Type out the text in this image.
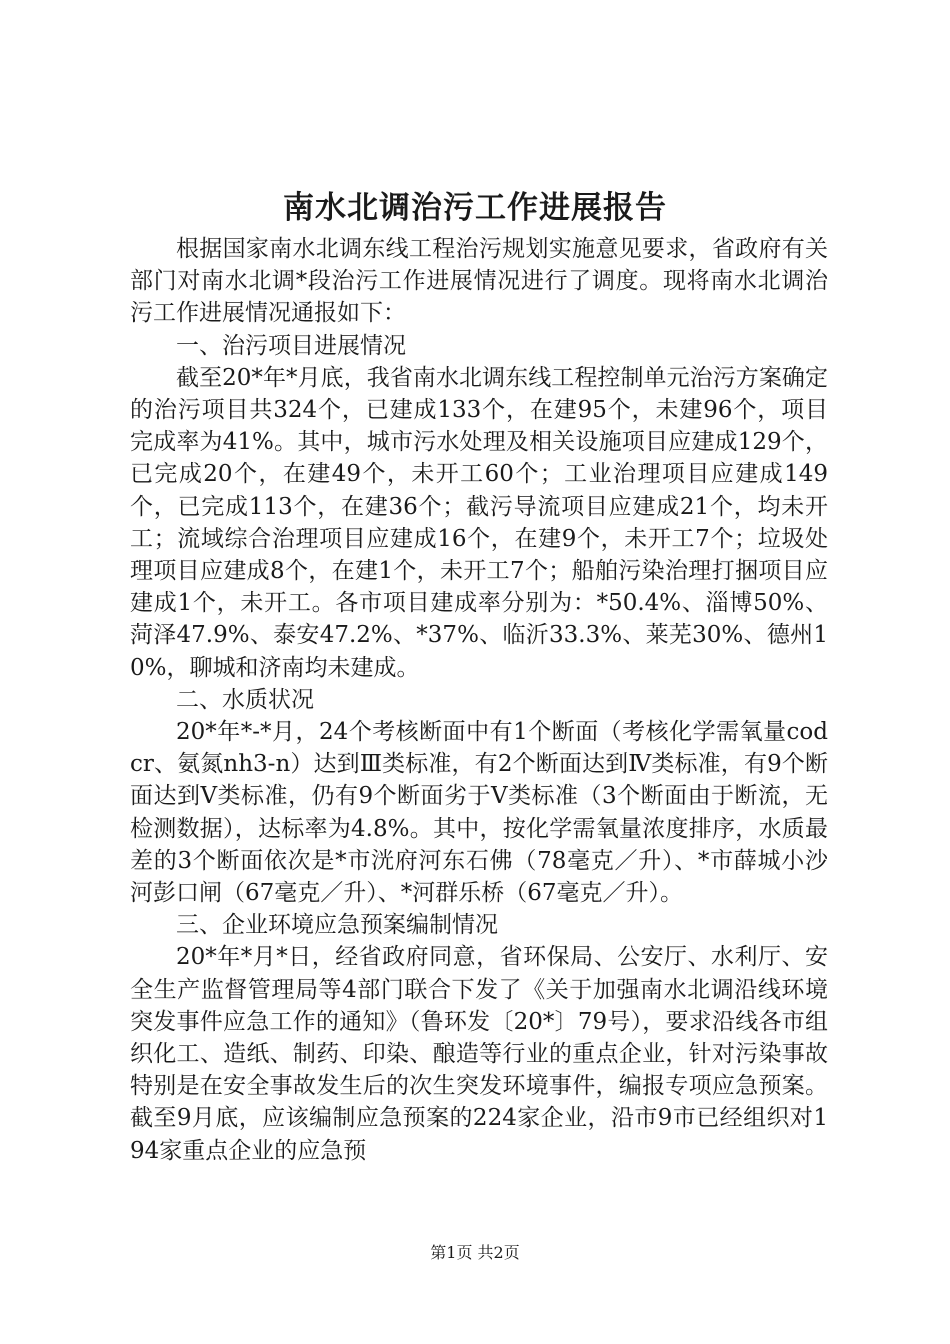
南水北调治污工作进展报告

根据国家南水北调东线工程治污规划实施意见要求，省政府有关部门对南水北调*段治污工作进展情况进行了调度。现将南水北调治污工作进展情况通报如下：

一、治污项目进展情况

截至20*年*月底，我省南水北调东线工程控制单元治污方案确定的治污项目共324个，已建成133个，在建95个，未建96个，项目完成率为41%。其中，城市污水处理及相关设施项目应建成129个，已完成20个，在建49个，未开工60个；工业治理项目应建成149个，已完成113个，在建36个；截污导流项目应建成21个，均未开工；流域综合治理项目应建成16个，在建9个，未开工7个；垃圾处理项目应建成8个，在建1个，未开工7个；船舶污染治理打捆项目应建成1个，未开工。各市项目建成率分别为：*50.4%、淄博50%、菏泽47.9%、泰安47.2%、*37%、临沂33.3%、莱芜30%、德州10%，聊城和济南均未建成。

二、水质状况

20*年*-*月，24个考核断面中有1个断面（考核化学需氧量codcr、氨氮nh3-n）达到Ⅲ类标准，有2个断面达到Ⅳ类标准，有9个断面达到Ⅴ类标准，仍有9个断面劣于Ⅴ类标准（3个断面由于断流，无检测数据），达标率为4.8%。其中，按化学需氧量浓度排序，水质最差的3个断面依次是*市洸府河东石佛（78毫克／升）、*市薛城小沙河彭口闸（67毫克／升）、*河群乐桥（67毫克／升）。

三、企业环境应急预案编制情况

20*年*月*日，经省政府同意，省环保局、公安厅、水利厅、安全生产监督管理局等4部门联合下发了《关于加强南水北调沿线环境突发事件应急工作的通知》（鲁环发〔20*〕79号），要求沿线各市组织化工、造纸、制药、印染、酿造等行业的重点企业，针对污染事故特别是在安全事故发生后的次生突发环境事件，编报专项应急预案。截至9月底，应该编制应急预案的224家企业，沿市9市已经组织对194家重点企业的应急预

第1页 共2页
